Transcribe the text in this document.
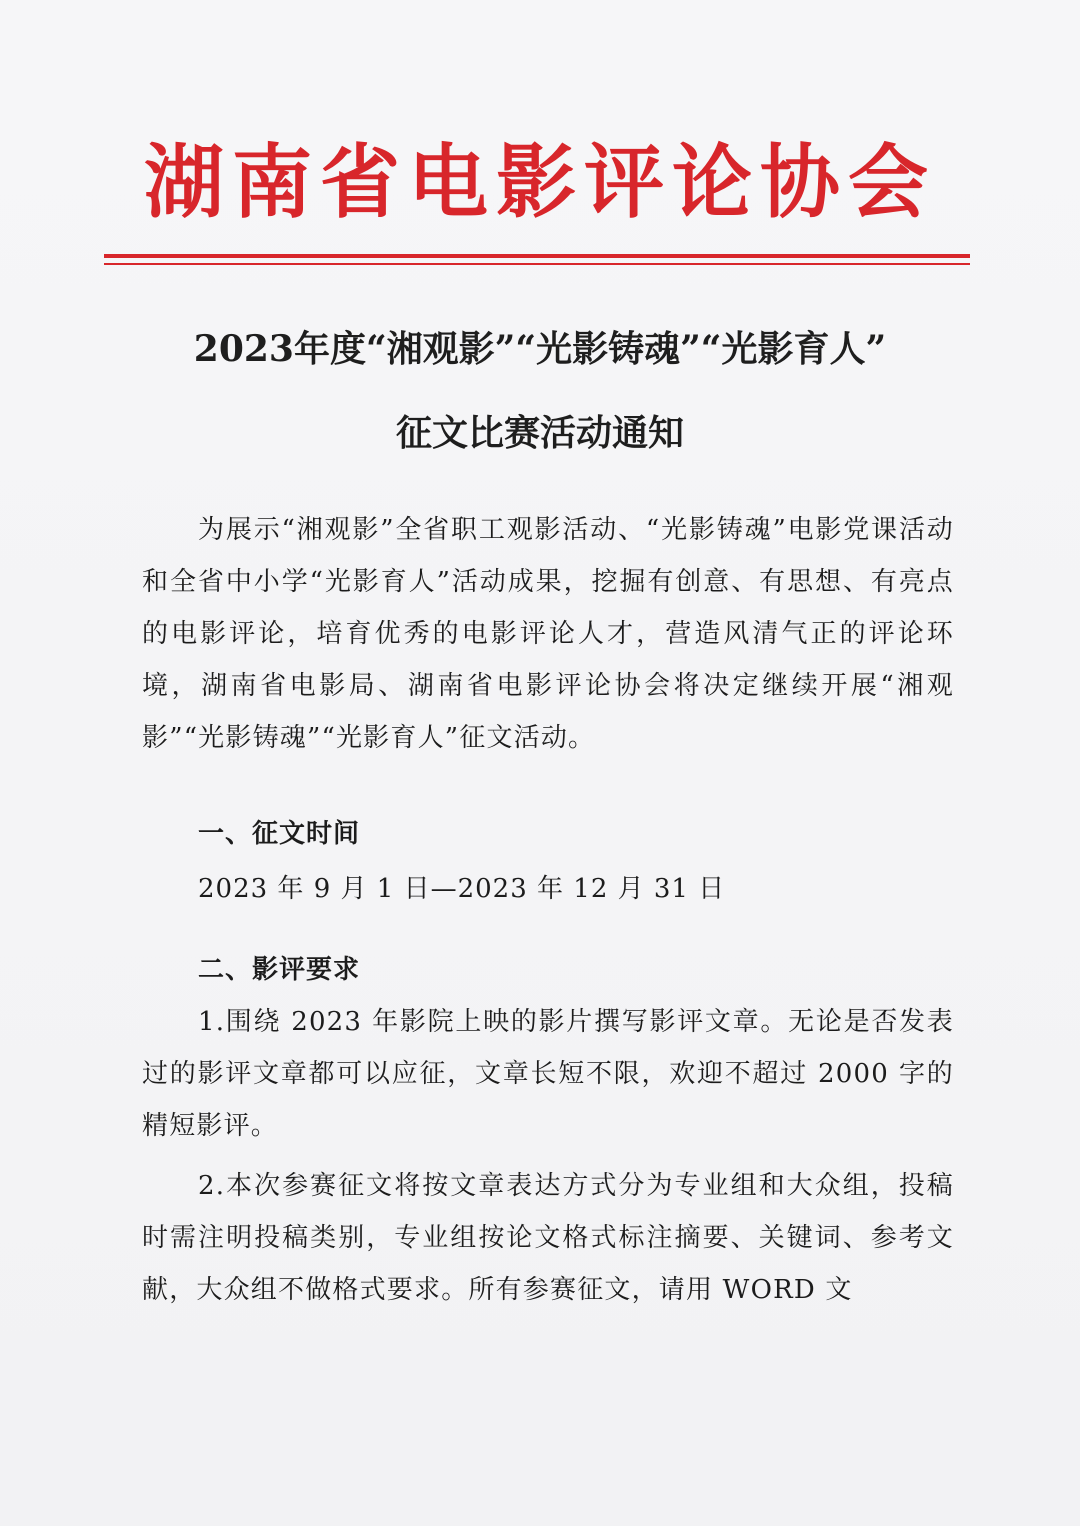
湖南省电影评论协会
2023年度“湘观影”“光影铸魂”“光影育人”
征文比赛活动通知
为展示“湘观影”全省职工观影活动、“光影铸魂”电影党课活动和全省中小学“光影育人”活动成果，挖掘有创意、有思想、有亮点的电影评论，培育优秀的电影评论人才，营造风清气正的评论环境，湖南省电影局、湖南省电影评论协会将决定继续开展“湘观影”“光影铸魂”“光影育人”征文活动。
一、征文时间
2023 年 9 月 1 日—2023 年 12 月 31 日
二、影评要求
1.围绕 2023 年影院上映的影片撰写影评文章。无论是否发表过的影评文章都可以应征，文章长短不限，欢迎不超过 2000 字的精短影评。
2.本次参赛征文将按文章表达方式分为专业组和大众组，投稿时需注明投稿类别，专业组按论文格式标注摘要、关键词、参考文献，大众组不做格式要求。所有参赛征文，请用 WORD 文
